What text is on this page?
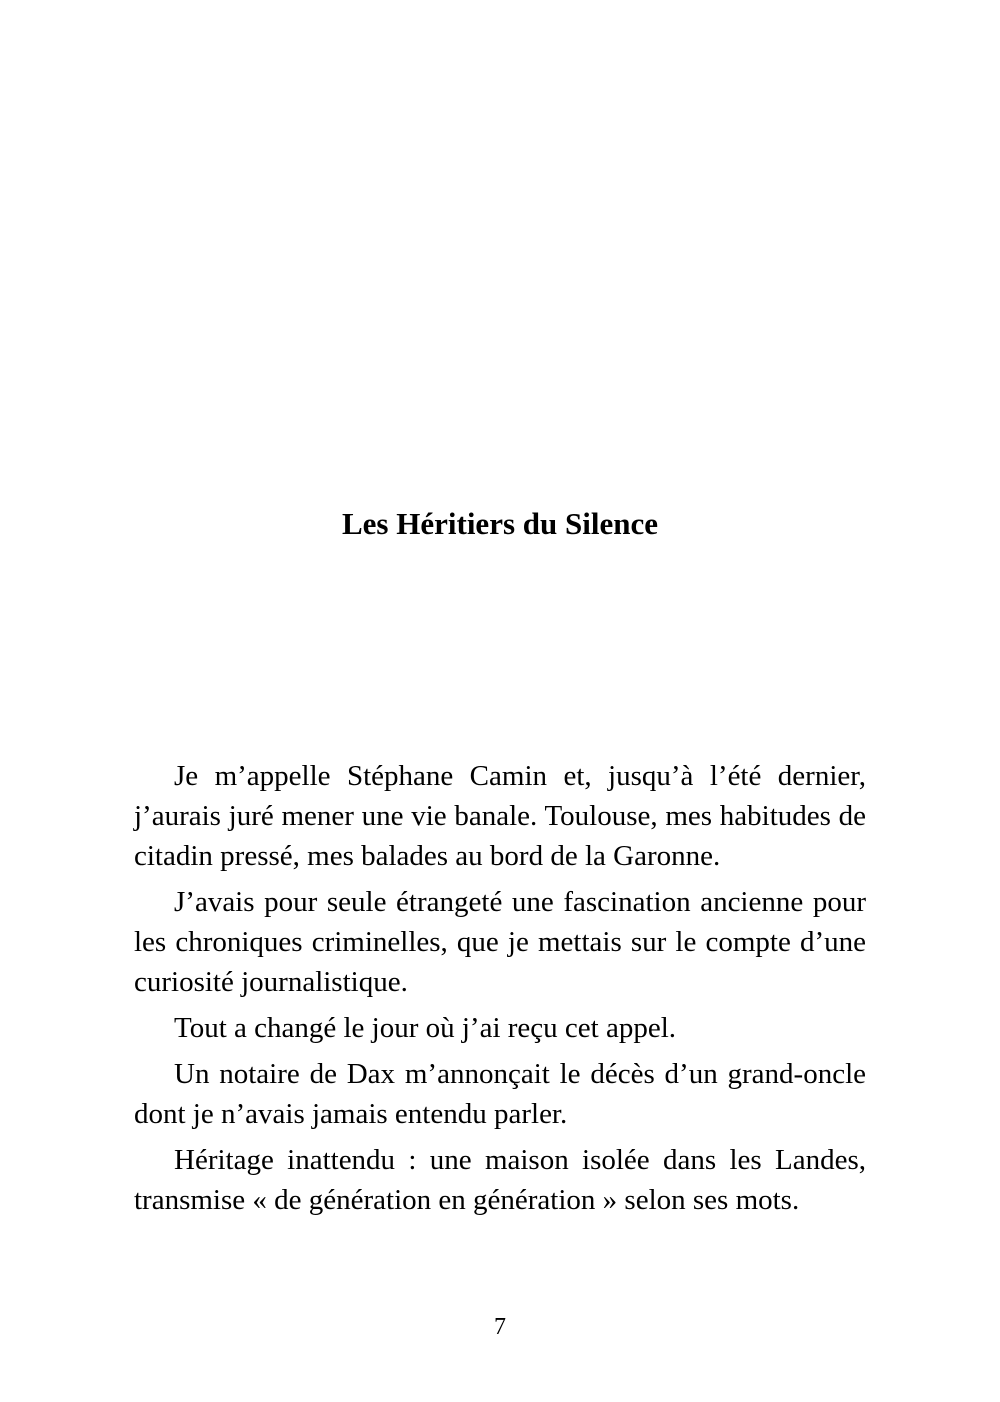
Les Héritiers du Silence

Je m’appelle Stéphane Camin et, jusqu’à l’été dernier, j’aurais juré mener une vie banale. Toulouse, mes habitudes de citadin pressé, mes balades au bord de la Garonne.

J’avais pour seule étrangeté une fascination ancienne pour les chroniques criminelles, que je mettais sur le compte d’une curiosité journalistique.

Tout a changé le jour où j’ai reçu cet appel.

Un notaire de Dax m’annonçait le décès d’un grand-oncle dont je n’avais jamais entendu parler.

Héritage inattendu : une maison isolée dans les Landes, transmise « de génération en génération » selon ses mots.

7
